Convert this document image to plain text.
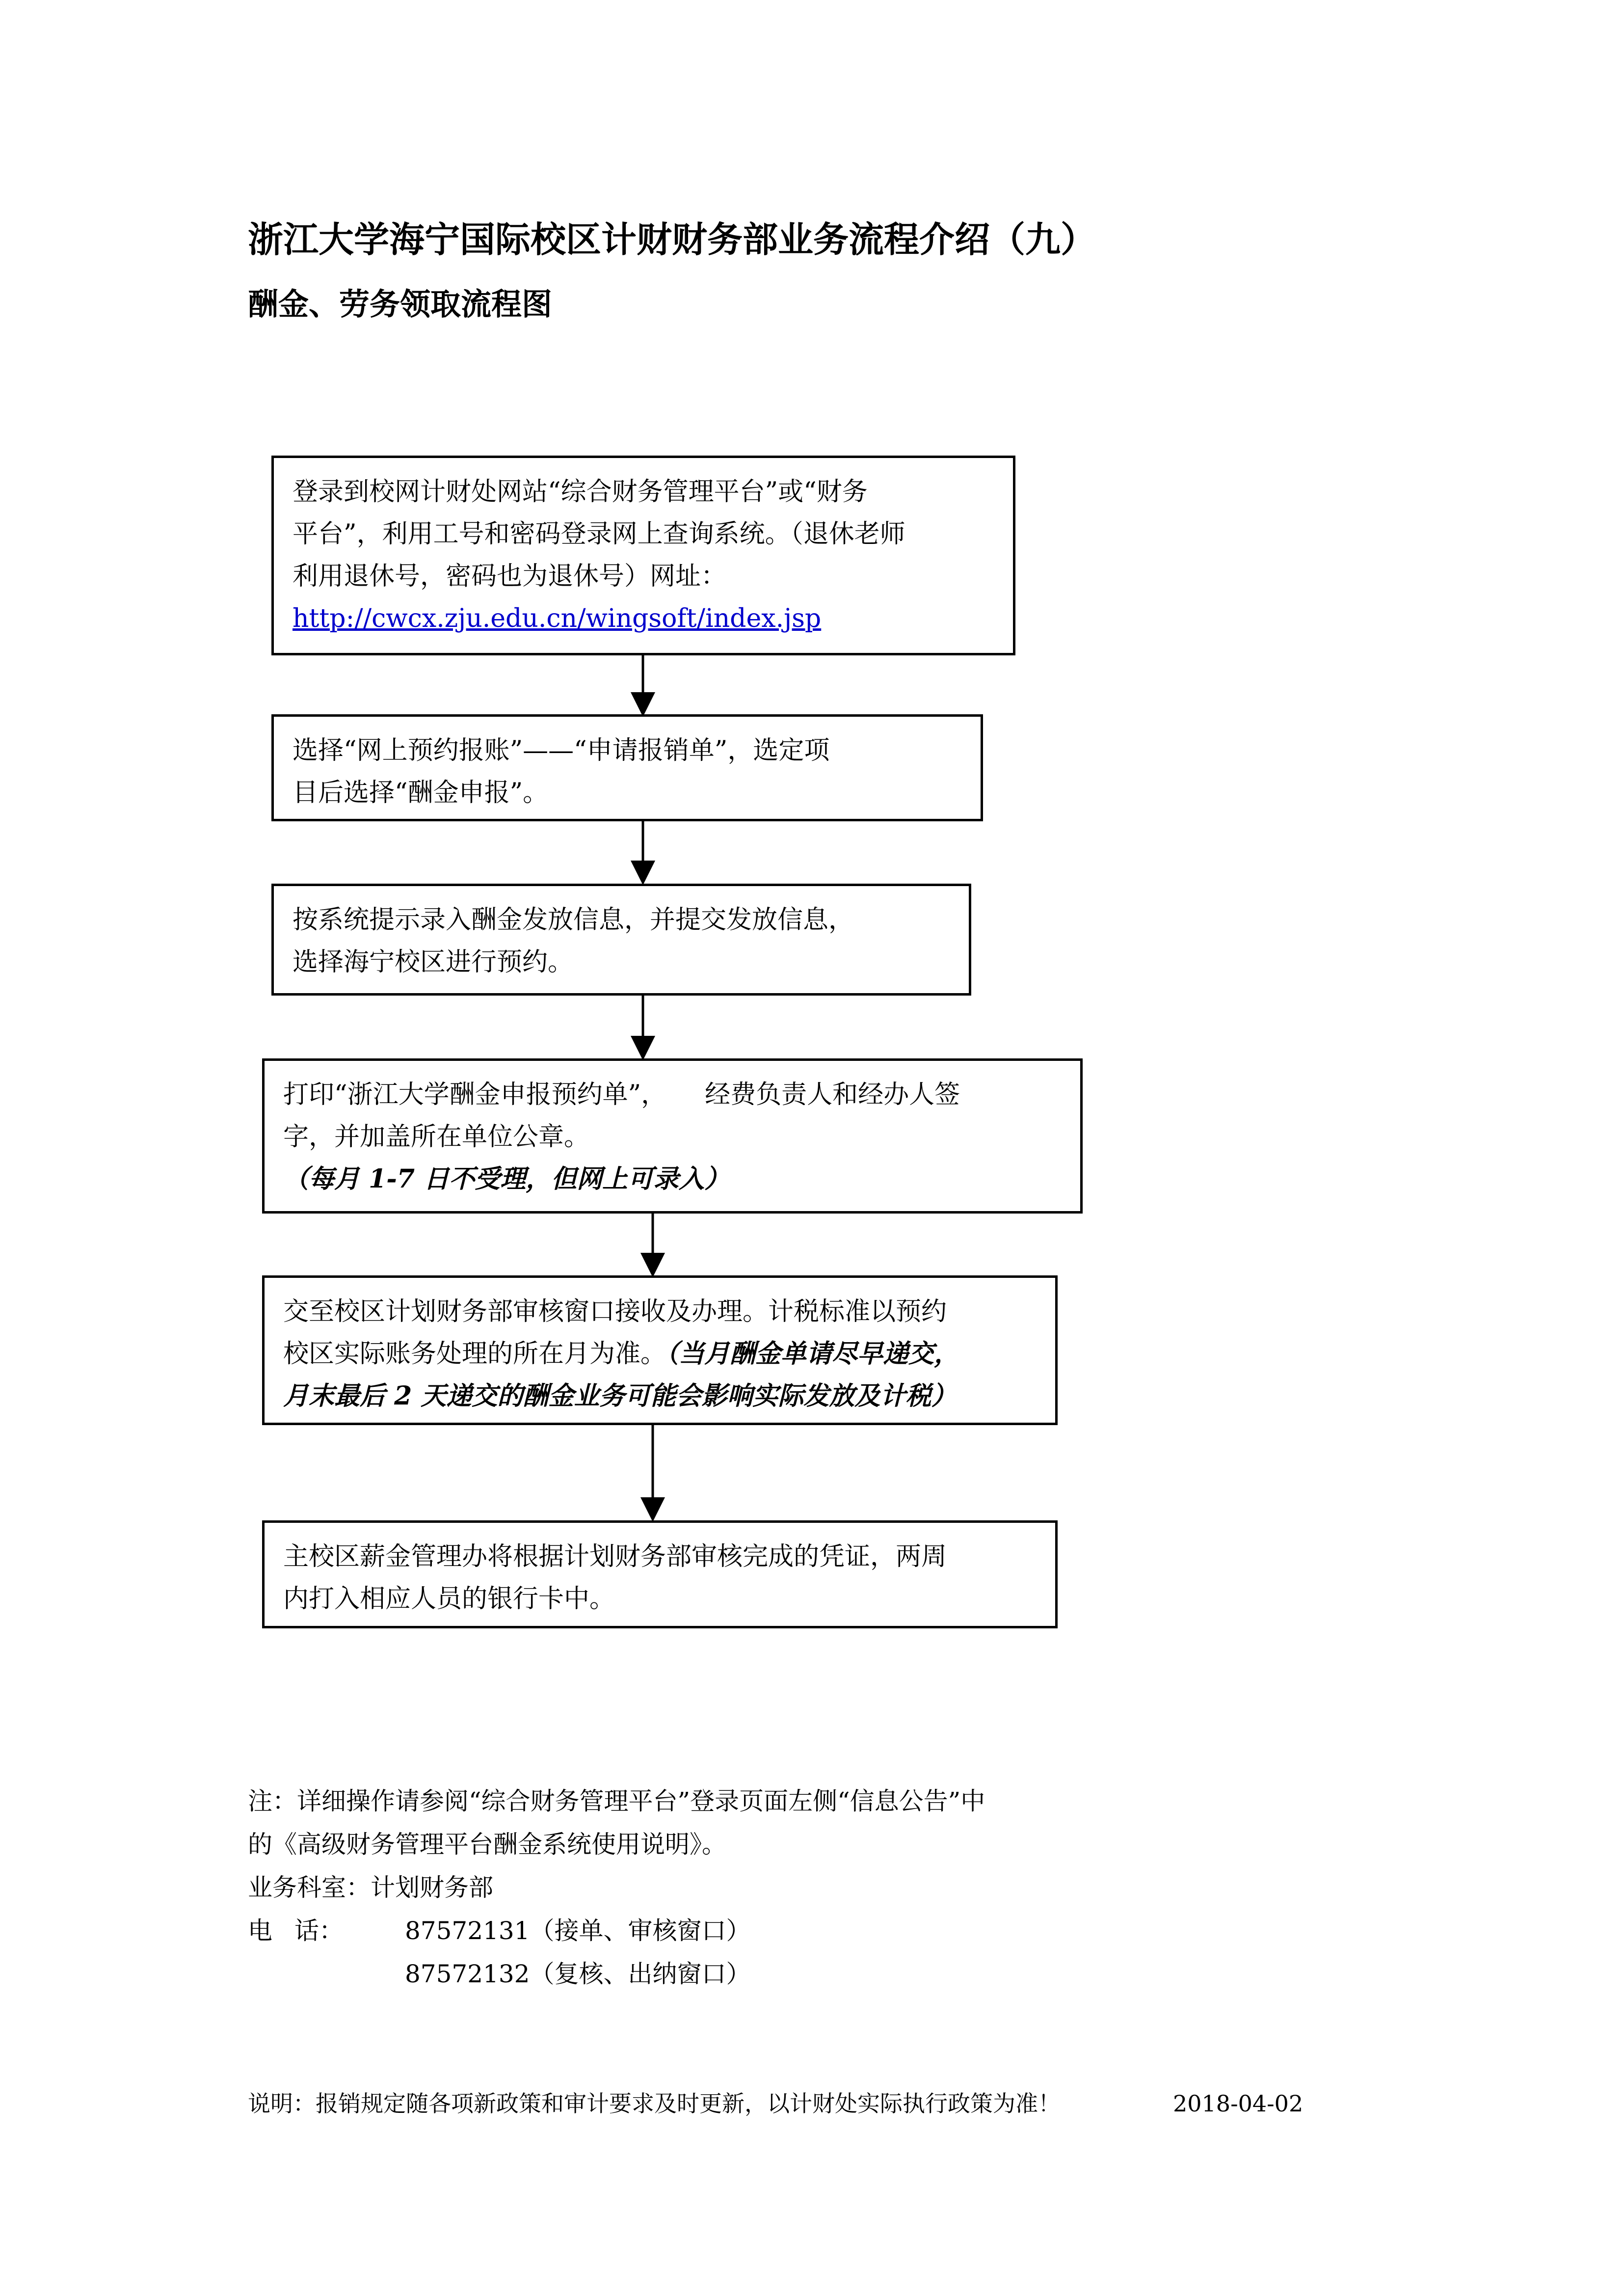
浙江大学海宁国际校区计财财务部业务流程介绍（九）
酬金、劳务领取流程图
登录到校网计财处网站“综合财务管理平台”或“财务
平台”，利用工号和密码登录网上查询系统。（退休老师
利用退休号，密码也为退休号）网址：
http://cwcx.zju.edu.cn/wingsoft/index.jsp
选择“网上预约报账”——“申请报销单”，选定项
目后选择“酬金申报”。
按系统提示录入酬金发放信息，并提交发放信息，
选择海宁校区进行预约。
打印“浙江大学酬金申报预约单”，　　经费负责人和经办人签
字，并加盖所在单位公章。
（每月 1-7 日不受理，但网上可录入）
交至校区计划财务部审核窗口接收及办理。计税标准以预约
校区实际账务处理的所在月为准。（当月酬金单请尽早递交，
月末最后 2 天递交的酬金业务可能会影响实际发放及计税）
主校区薪金管理办将根据计划财务部审核完成的凭证，两周
内打入相应人员的银行卡中。
注：详细操作请参阅“综合财务管理平台”登录页面左侧“信息公告”中
的《高级财务管理平台酬金系统使用说明》。
业务科室：计划财务部
电 话：	87572131（接单、审核窗口）
87572132（复核、出纳窗口）
说明：报销规定随各项新政策和审计要求及时更新，以计财处实际执行政策为准！	2018-04-02
